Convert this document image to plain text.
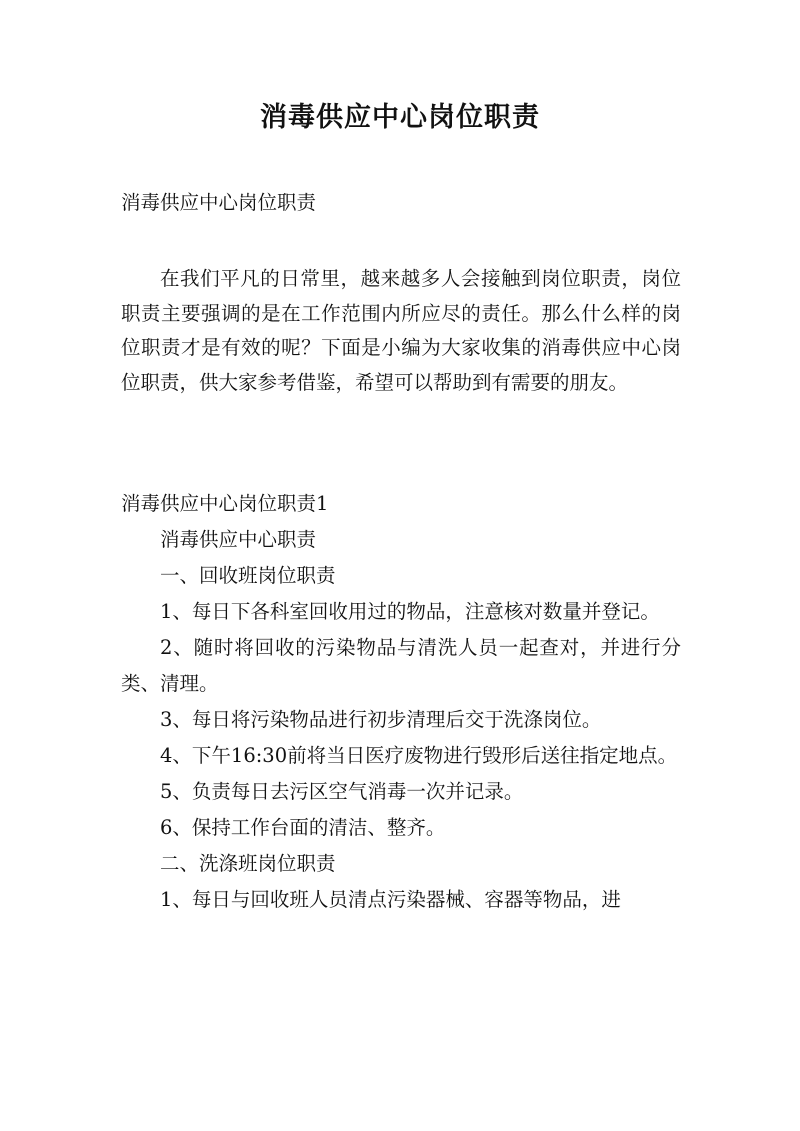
消毒供应中心岗位职责
消毒供应中心岗位职责
在我们平凡的日常里，越来越多人会接触到岗位职责，岗位职责主要强调的是在工作范围内所应尽的责任。那么什么样的岗位职责才是有效的呢？下面是小编为大家收集的消毒供应中心岗位职责，供大家参考借鉴，希望可以帮助到有需要的朋友。

消毒供应中心岗位职责1

消毒供应中心职责

一、回收班岗位职责

1、每日下各科室回收用过的物品，注意核对数量并登记。

2、随时将回收的污染物品与清洗人员一起查对，并进行分类、清理。

3、每日将污染物品进行初步清理后交于洗涤岗位。

4、下午16:30前将当日医疗废物进行毁形后送往指定地点。

5、负责每日去污区空气消毒一次并记录。

6、保持工作台面的清洁、整齐。

二、洗涤班岗位职责

1、每日与回收班人员清点污染器械、容器等物品，进
